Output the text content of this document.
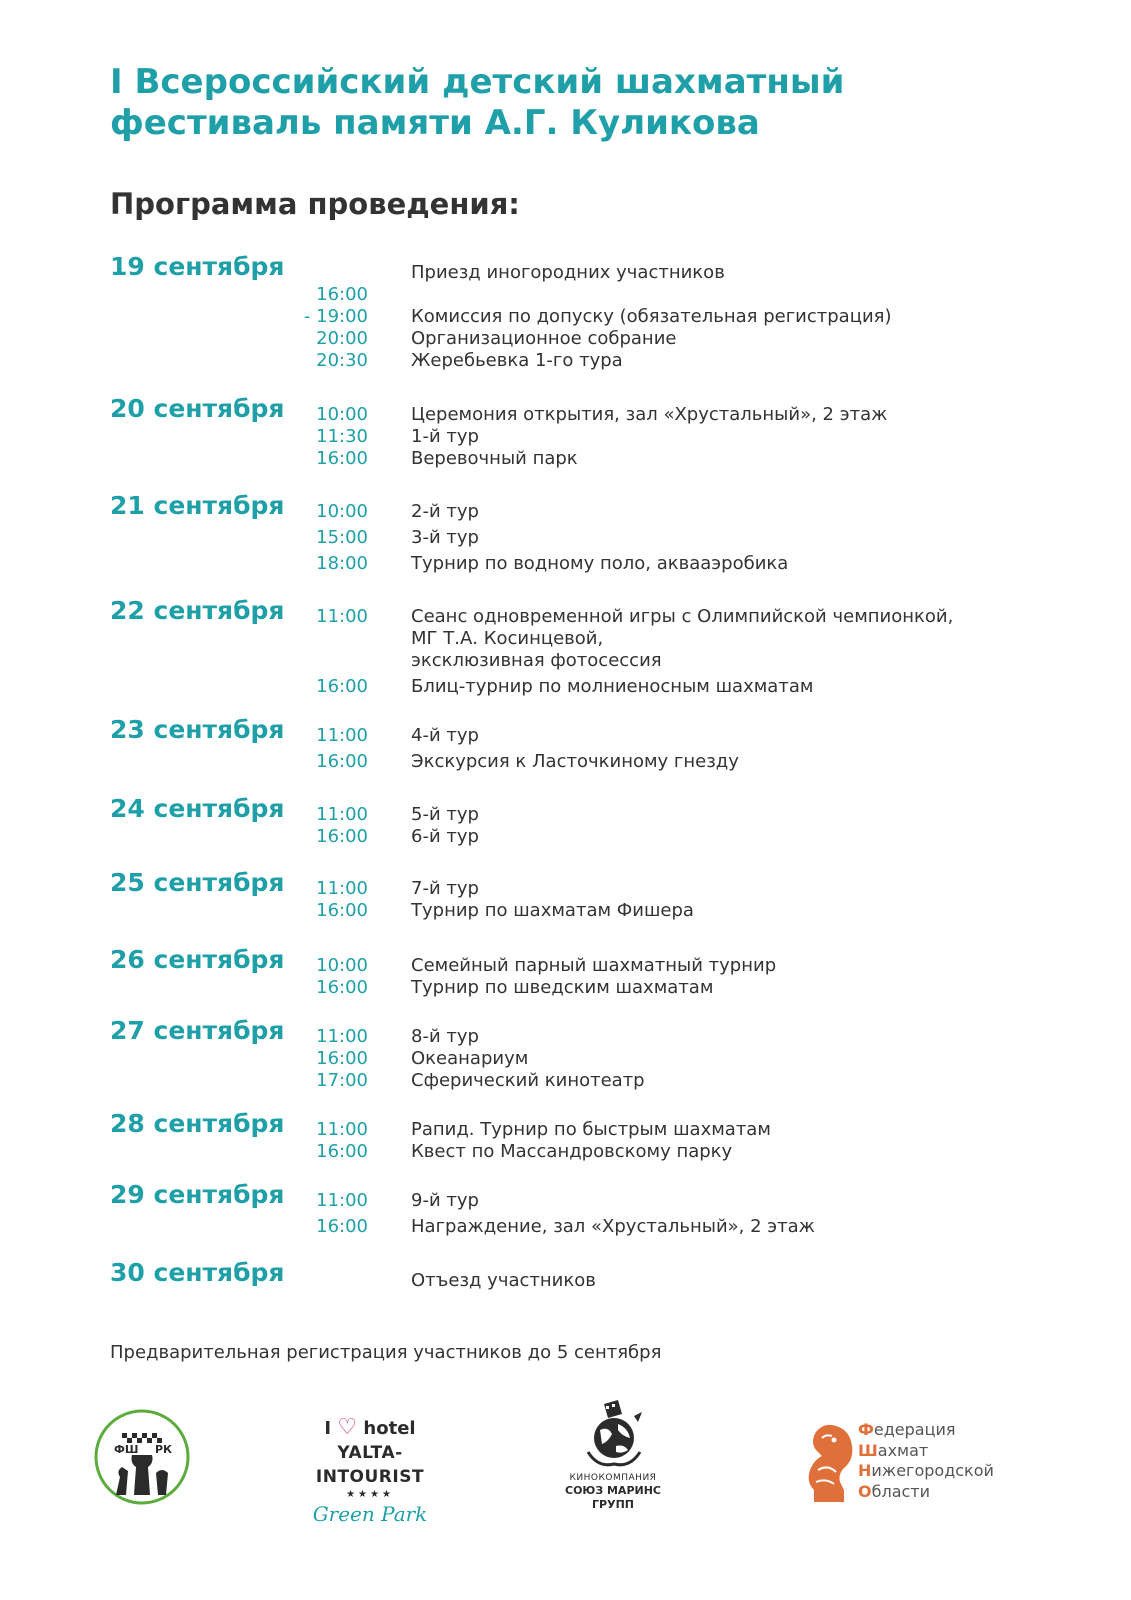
I Всероссийский детский шахматный фестиваль памяти А.Г. Куликова
Программа проведения:
19 сентября	Приезд иногородних участников
16:00
- 19:00 Комиссия по допуску (обязательная регистрация)
20:00 Организационное собрание
20:30 Жеребьевка 1-го тура
20 сентября 10:00 Церемония открытия, зал «Хрустальный», 2 этаж
11:30 1-й тур
16:00 Веревочный парк
21 сентября 10:00 2-й тур
15:00 3-й тур
18:00 Турнир по водному поло, аквааэробика
22 сентября 11:00 Сеанс одновременной игры с Олимпийской чемпионкой,
МГ Т.А. Косинцевой,
эксклюзивная фотосессия
16:00 Блиц-турнир по молниеносным шахматам
23 сентября 11:00 4-й тур
16:00 Экскурсия к Ласточкиному гнезду
24 сентября 11:00 5-й тур
16:00 6-й тур
25 сентября 11:00 7-й тур
16:00 Турнир по шахматам Фишера
26 сентября 10:00 Семейный парный шахматный турнир
16:00 Турнир по шведским шахматам
27 сентября 11:00 8-й тур
16:00 Океанариум
17:00 Сферический кинотеатр
28 сентября 11:00 Рапид. Турнир по быстрым шахматам
16:00 Квест по Массандровскому парку
29 сентября 11:00 9-й тур
16:00 Награждение, зал «Хрустальный», 2 этаж
30 сентября	Отъезд участников

Предварительная регистрация участников до 5 сентября

ФШ РК
I ♡ hotel
YALTA-INTOURIST
★★★★
Green Park
КИНОКОМПАНИЯ
СОЮЗ МАРИНС ГРУПП
Федерация
Шахмат
Нижегородской
Области
